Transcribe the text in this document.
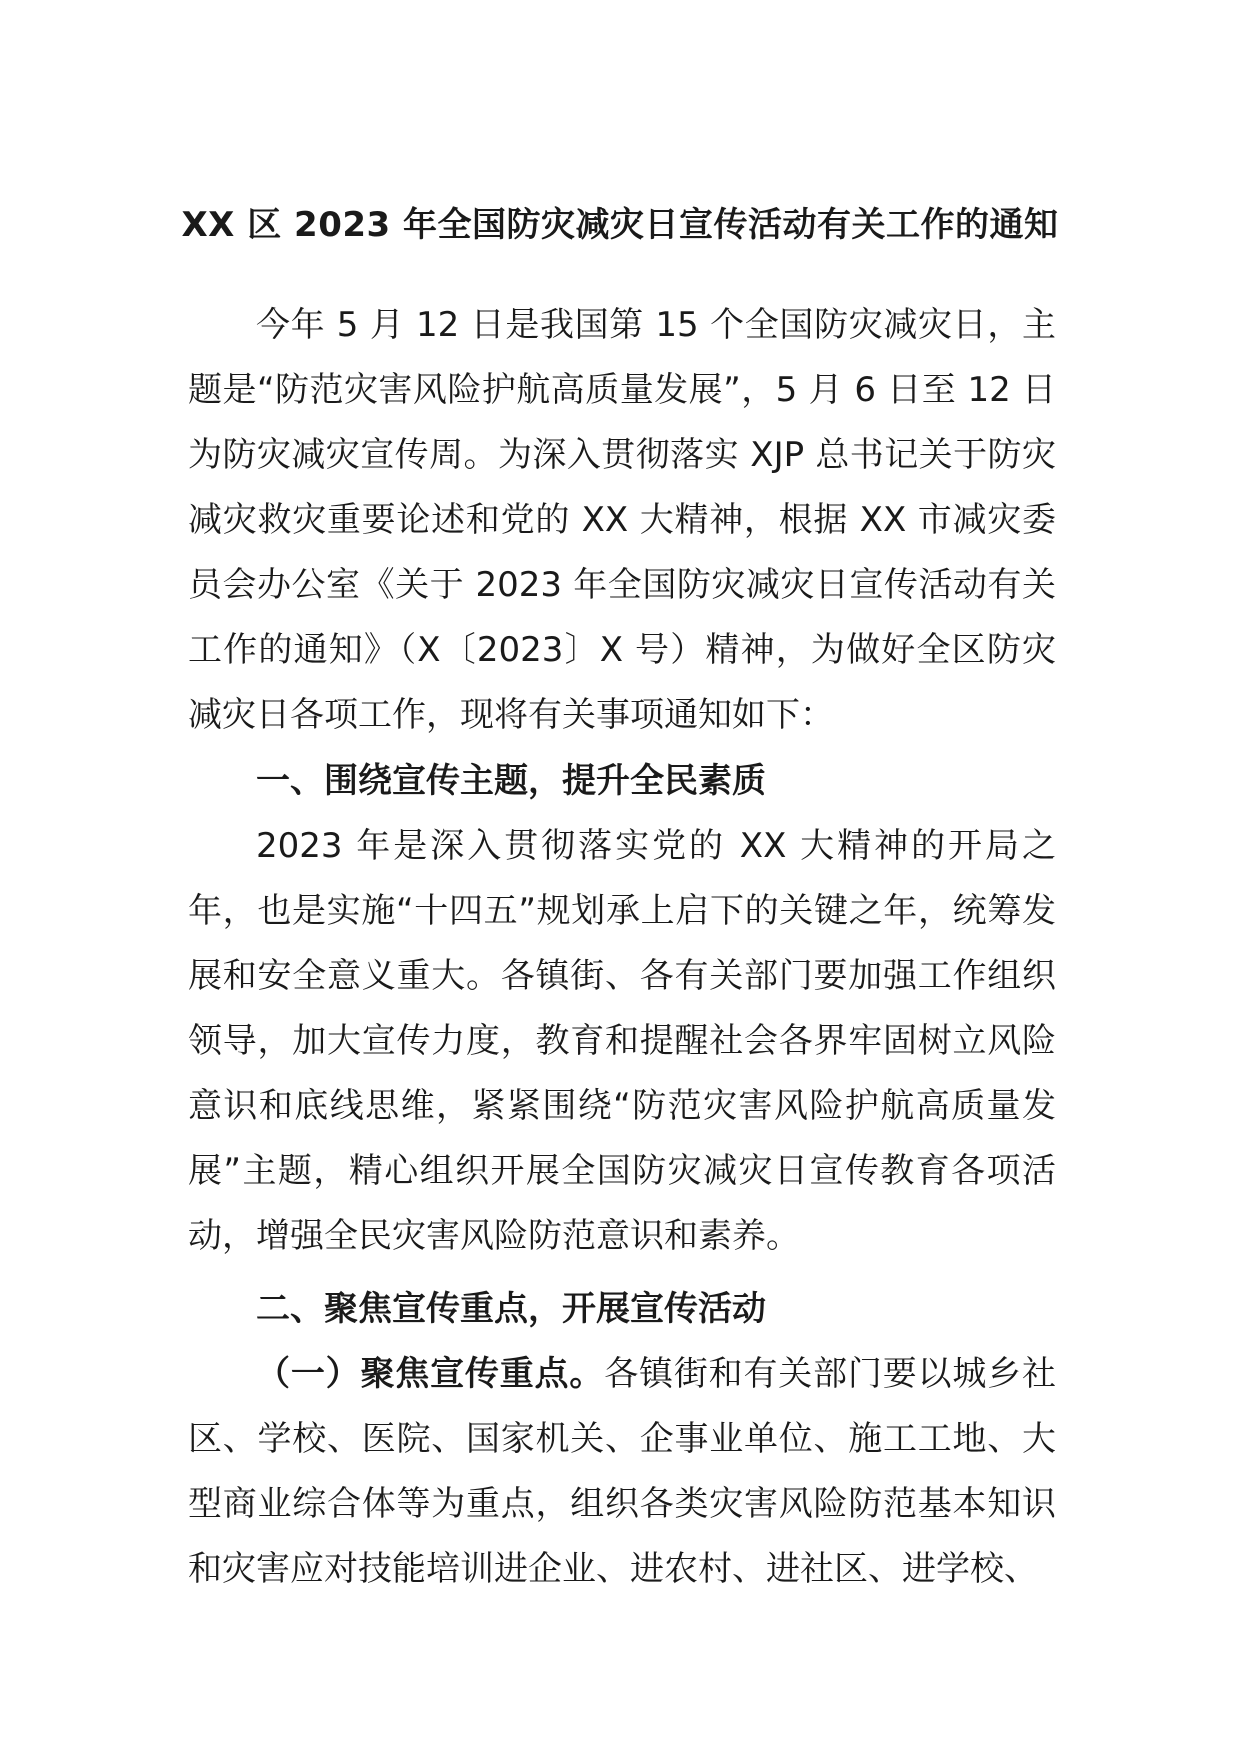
XX 区 2023 年全国防灾减灾日宣传活动有关工作的通知

今年 5 月 12 日是我国第 15 个全国防灾减灾日，主题是“防范灾害风险护航高质量发展”，5 月 6 日至 12 日为防灾减灾宣传周。为深入贯彻落实 XJP 总书记关于防灾减灾救灾重要论述和党的 XX 大精神，根据 XX 市减灾委员会办公室《关于 2023 年全国防灾减灾日宣传活动有关工作的通知》（X〔2023〕X 号）精神，为做好全区防灾减灾日各项工作，现将有关事项通知如下：

一、围绕宣传主题，提升全民素质

2023 年是深入贯彻落实党的 XX 大精神的开局之年，也是实施“十四五”规划承上启下的关键之年，统筹发展和安全意义重大。各镇街、各有关部门要加强工作组织领导，加大宣传力度，教育和提醒社会各界牢固树立风险意识和底线思维，紧紧围绕“防范灾害风险护航高质量发展”主题，精心组织开展全国防灾减灾日宣传教育各项活动，增强全民灾害风险防范意识和素养。

二、聚焦宣传重点，开展宣传活动

（一）聚焦宣传重点。各镇街和有关部门要以城乡社区、学校、医院、国家机关、企事业单位、施工工地、大型商业综合体等为重点，组织各类灾害风险防范基本知识和灾害应对技能培训进企业、进农村、进社区、进学校、
